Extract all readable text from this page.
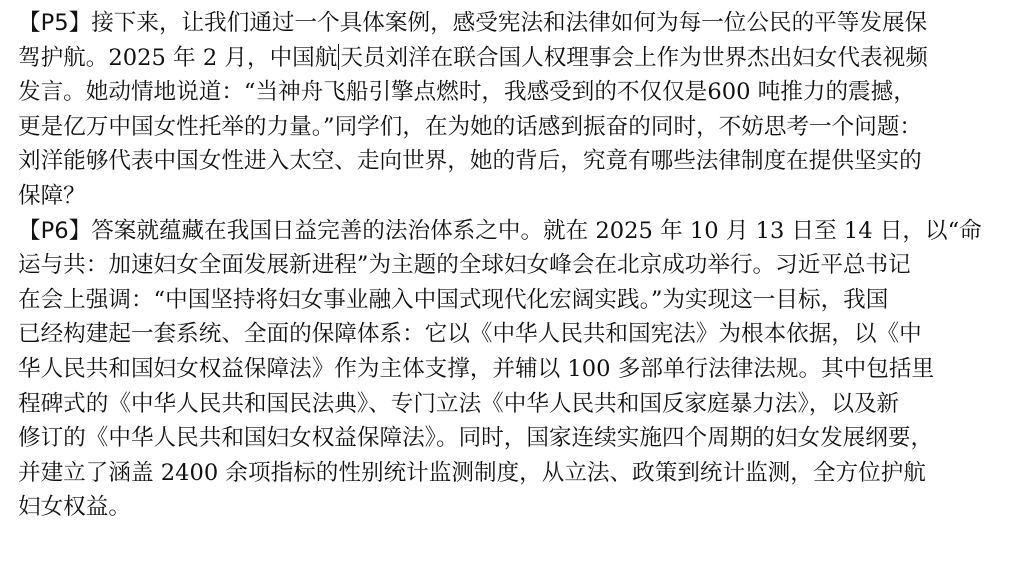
【P5】接下来，让我们通过一个具体案例，感受宪法和法律如何为每一位公民的平等发展保
驾护航。2025 年 2 月，中国航 天员刘洋在联合国人权理事会上作为世界杰出妇女代表视频
发言。她动情地说道：“当神舟飞船引擎点燃时，我感受到的不仅仅是600 吨推力的震撼，
更是亿万中国女性托举的力量。”同学们，在为她的话感到振奋的同时，不妨思考一个问题：
刘洋能够代表中国女性进入太空、走向世界，她的背后，究竟有哪些法律制度在提供坚实的
保障？
【P6】答案就蕴藏在我国日益完善的法治体系之中。就在 2025 年 10 月 13 日至 14 日，以“命
运与共：加速妇女全面发展新进程”为主题的全球妇女峰会在北京成功举行。习近平总书记
在会上强调：“中国坚持将妇女事业融入中国式现代化宏阔实践。”为实现这一目标，我国
已经构建起一套系统、全面的保障体系：它以《中华人民共和国宪法》为根本依据，以《中
华人民共和国妇女权益保障法》作为主体支撑，并辅以 100 多部单行法律法规。其中包括里
程碑式的《中华人民共和国民法典》、专门立法《中华人民共和国反家庭暴力法》，以及新
修订的《中华人民共和国妇女权益保障法》。同时，国家连续实施四个周期的妇女发展纲要，
并建立了涵盖 2400 余项指标的性别统计监测制度，从立法、政策到统计监测，全方位护航
妇女权益。
